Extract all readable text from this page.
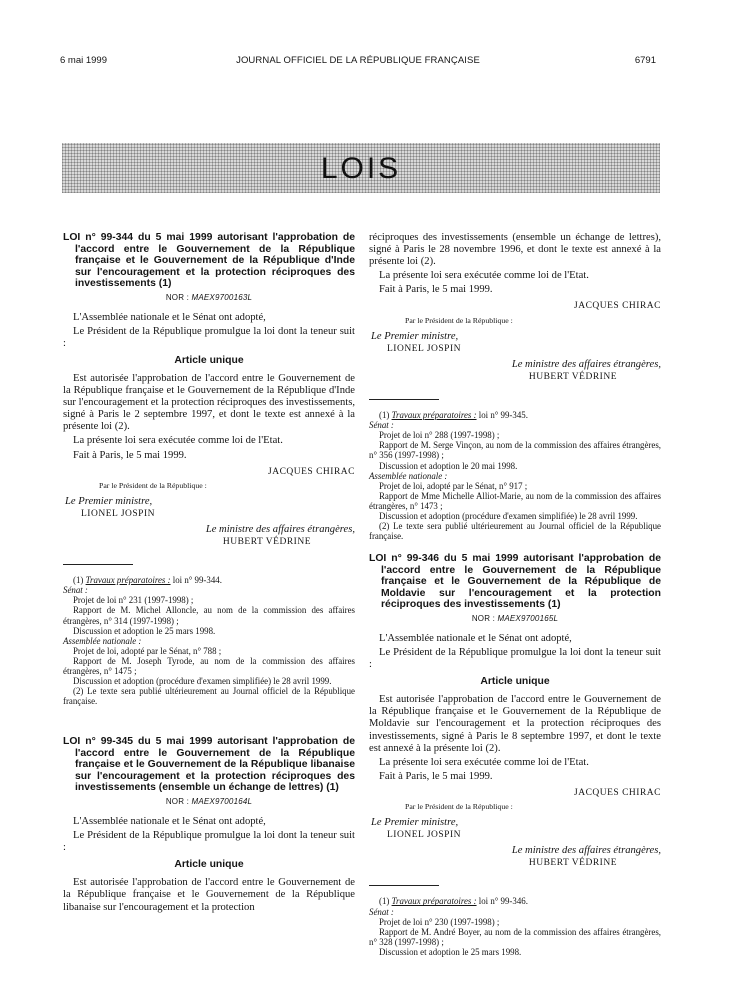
6 mai 1999	JOURNAL OFFICIEL DE LA RÉPUBLIQUE FRANÇAISE	6791
LOIS

LOI n° 99-344 du 5 mai 1999 autorisant l'approbation de l'accord entre le Gouvernement de la République française et le Gouvernement de la République d'Inde sur l'encouragement et la protection réciproques des investissements (1)

NOR : MAEX9700163L

L'Assemblée nationale et le Sénat ont adopté,

Le Président de la République promulgue la loi dont la teneur suit :

Article unique

Est autorisée l'approbation de l'accord entre le Gouvernement de la République française et le Gouvernement de la République d'Inde sur l'encouragement et la protection réciproques des investissements, signé à Paris le 2 septembre 1997, et dont le texte est annexé à la présente loi (2).

La présente loi sera exécutée comme loi de l'Etat.

Fait à Paris, le 5 mai 1999.

JACQUES CHIRAC
Par le Président de la République :
Le Premier ministre,
LIONEL JOSPIN
Le ministre des affaires étrangères,
HUBERT VÉDRINE

(1) Travaux préparatoires : loi n° 99-344.

Sénat :

Projet de loi n° 231 (1997-1998) ;

Rapport de M. Michel Alloncle, au nom de la commission des affaires étrangères, n° 314 (1997-1998) ;

Discussion et adoption le 25 mars 1998.

Assemblée nationale :

Projet de loi, adopté par le Sénat, n° 788 ;

Rapport de M. Joseph Tyrode, au nom de la commission des affaires étrangères, n° 1475 ;

Discussion et adoption (procédure d'examen simplifiée) le 28 avril 1999.

(2) Le texte sera publié ultérieurement au Journal officiel de la République française.

LOI n° 99-345 du 5 mai 1999 autorisant l'approbation de l'accord entre le Gouvernement de la République française et le Gouvernement de la République libanaise sur l'encouragement et la protection réciproques des investissements (ensemble un échange de lettres) (1)

NOR : MAEX9700164L

L'Assemblée nationale et le Sénat ont adopté,

Le Président de la République promulgue la loi dont la teneur suit :

Article unique

Est autorisée l'approbation de l'accord entre le Gouvernement de la République française et le Gouvernement de la République libanaise sur l'encouragement et la protection

réciproques des investissements (ensemble un échange de lettres), signé à Paris le 28 novembre 1996, et dont le texte est annexé à la présente loi (2).

La présente loi sera exécutée comme loi de l'Etat.

Fait à Paris, le 5 mai 1999.

JACQUES CHIRAC
Par le Président de la République :
Le Premier ministre,
LIONEL JOSPIN
Le ministre des affaires étrangères,
HUBERT VÉDRINE

(1) Travaux préparatoires : loi n° 99-345.

Sénat :

Projet de loi n° 288 (1997-1998) ;

Rapport de M. Serge Vinçon, au nom de la commission des affaires étrangères, n° 356 (1997-1998) ;

Discussion et adoption le 20 mai 1998.

Assemblée nationale :

Projet de loi, adopté par le Sénat, n° 917 ;

Rapport de Mme Michelle Alliot-Marie, au nom de la commission des affaires étrangères, n° 1473 ;

Discussion et adoption (procédure d'examen simplifiée) le 28 avril 1999.

(2) Le texte sera publié ultérieurement au Journal officiel de la République française.

LOI n° 99-346 du 5 mai 1999 autorisant l'approbation de l'accord entre le Gouvernement de la République française et le Gouvernement de la République de Moldavie sur l'encouragement et la protection réciproques des investissements (1)

NOR : MAEX9700165L

L'Assemblée nationale et le Sénat ont adopté,

Le Président de la République promulgue la loi dont la teneur suit :

Article unique

Est autorisée l'approbation de l'accord entre le Gouvernement de la République française et le Gouvernement de la République de Moldavie sur l'encouragement et la protection réciproques des investissements, signé à Paris le 8 septembre 1997, et dont le texte est annexé à la présente loi (2).

La présente loi sera exécutée comme loi de l'Etat.

Fait à Paris, le 5 mai 1999.

JACQUES CHIRAC
Par le Président de la République :
Le Premier ministre,
LIONEL JOSPIN
Le ministre des affaires étrangères,
HUBERT VÉDRINE

(1) Travaux préparatoires : loi n° 99-346.

Sénat :

Projet de loi n° 230 (1997-1998) ;

Rapport de M. André Boyer, au nom de la commission des affaires étrangères, n° 328 (1997-1998) ;

Discussion et adoption le 25 mars 1998.
